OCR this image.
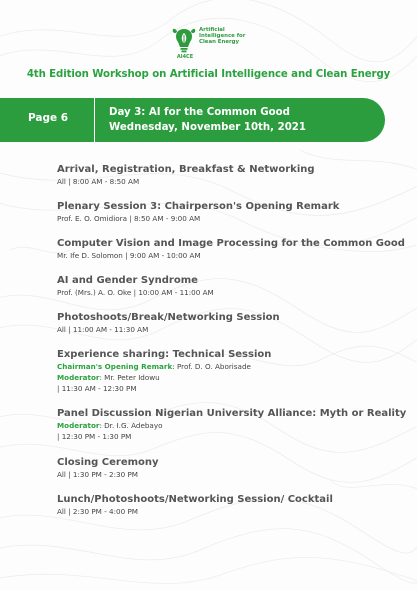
Artificial
Intelligence for
Clean Energy
AI4CE
4th Edition Workshop on Artificial Intelligence and Clean Energy
Page 6	Day 3: AI for the Common Good
Wednesday, November 10th, 2021
Arrival, Registration, Breakfast & Networking
All | 8:00 AM - 8:50 AM
Plenary Session 3: Chairperson's Opening Remark
Prof. E. O. Omidiora | 8:50 AM - 9:00 AM
Computer Vision and Image Processing for the Common Good
Mr. Ife D. Solomon | 9:00 AM - 10:00 AM
AI and Gender Syndrome
Prof. (Mrs.) A. O. Oke | 10:00 AM - 11:00 AM
Photoshoots/Break/Networking Session
All | 11:00 AM - 11:30 AM
Experience sharing: Technical Session
Chairman's Opening Remark: Prof. D. O. Aborisade
Moderator: Mr. Peter Idowu
| 11:30 AM - 12:30 PM
Panel Discussion Nigerian University Alliance: Myth or Reality
Moderator: Dr. I.G. Adebayo
| 12:30 PM - 1:30 PM
Closing Ceremony
All | 1:30 PM - 2:30 PM
Lunch/Photoshoots/Networking Session/ Cocktail
All | 2:30 PM - 4:00 PM
